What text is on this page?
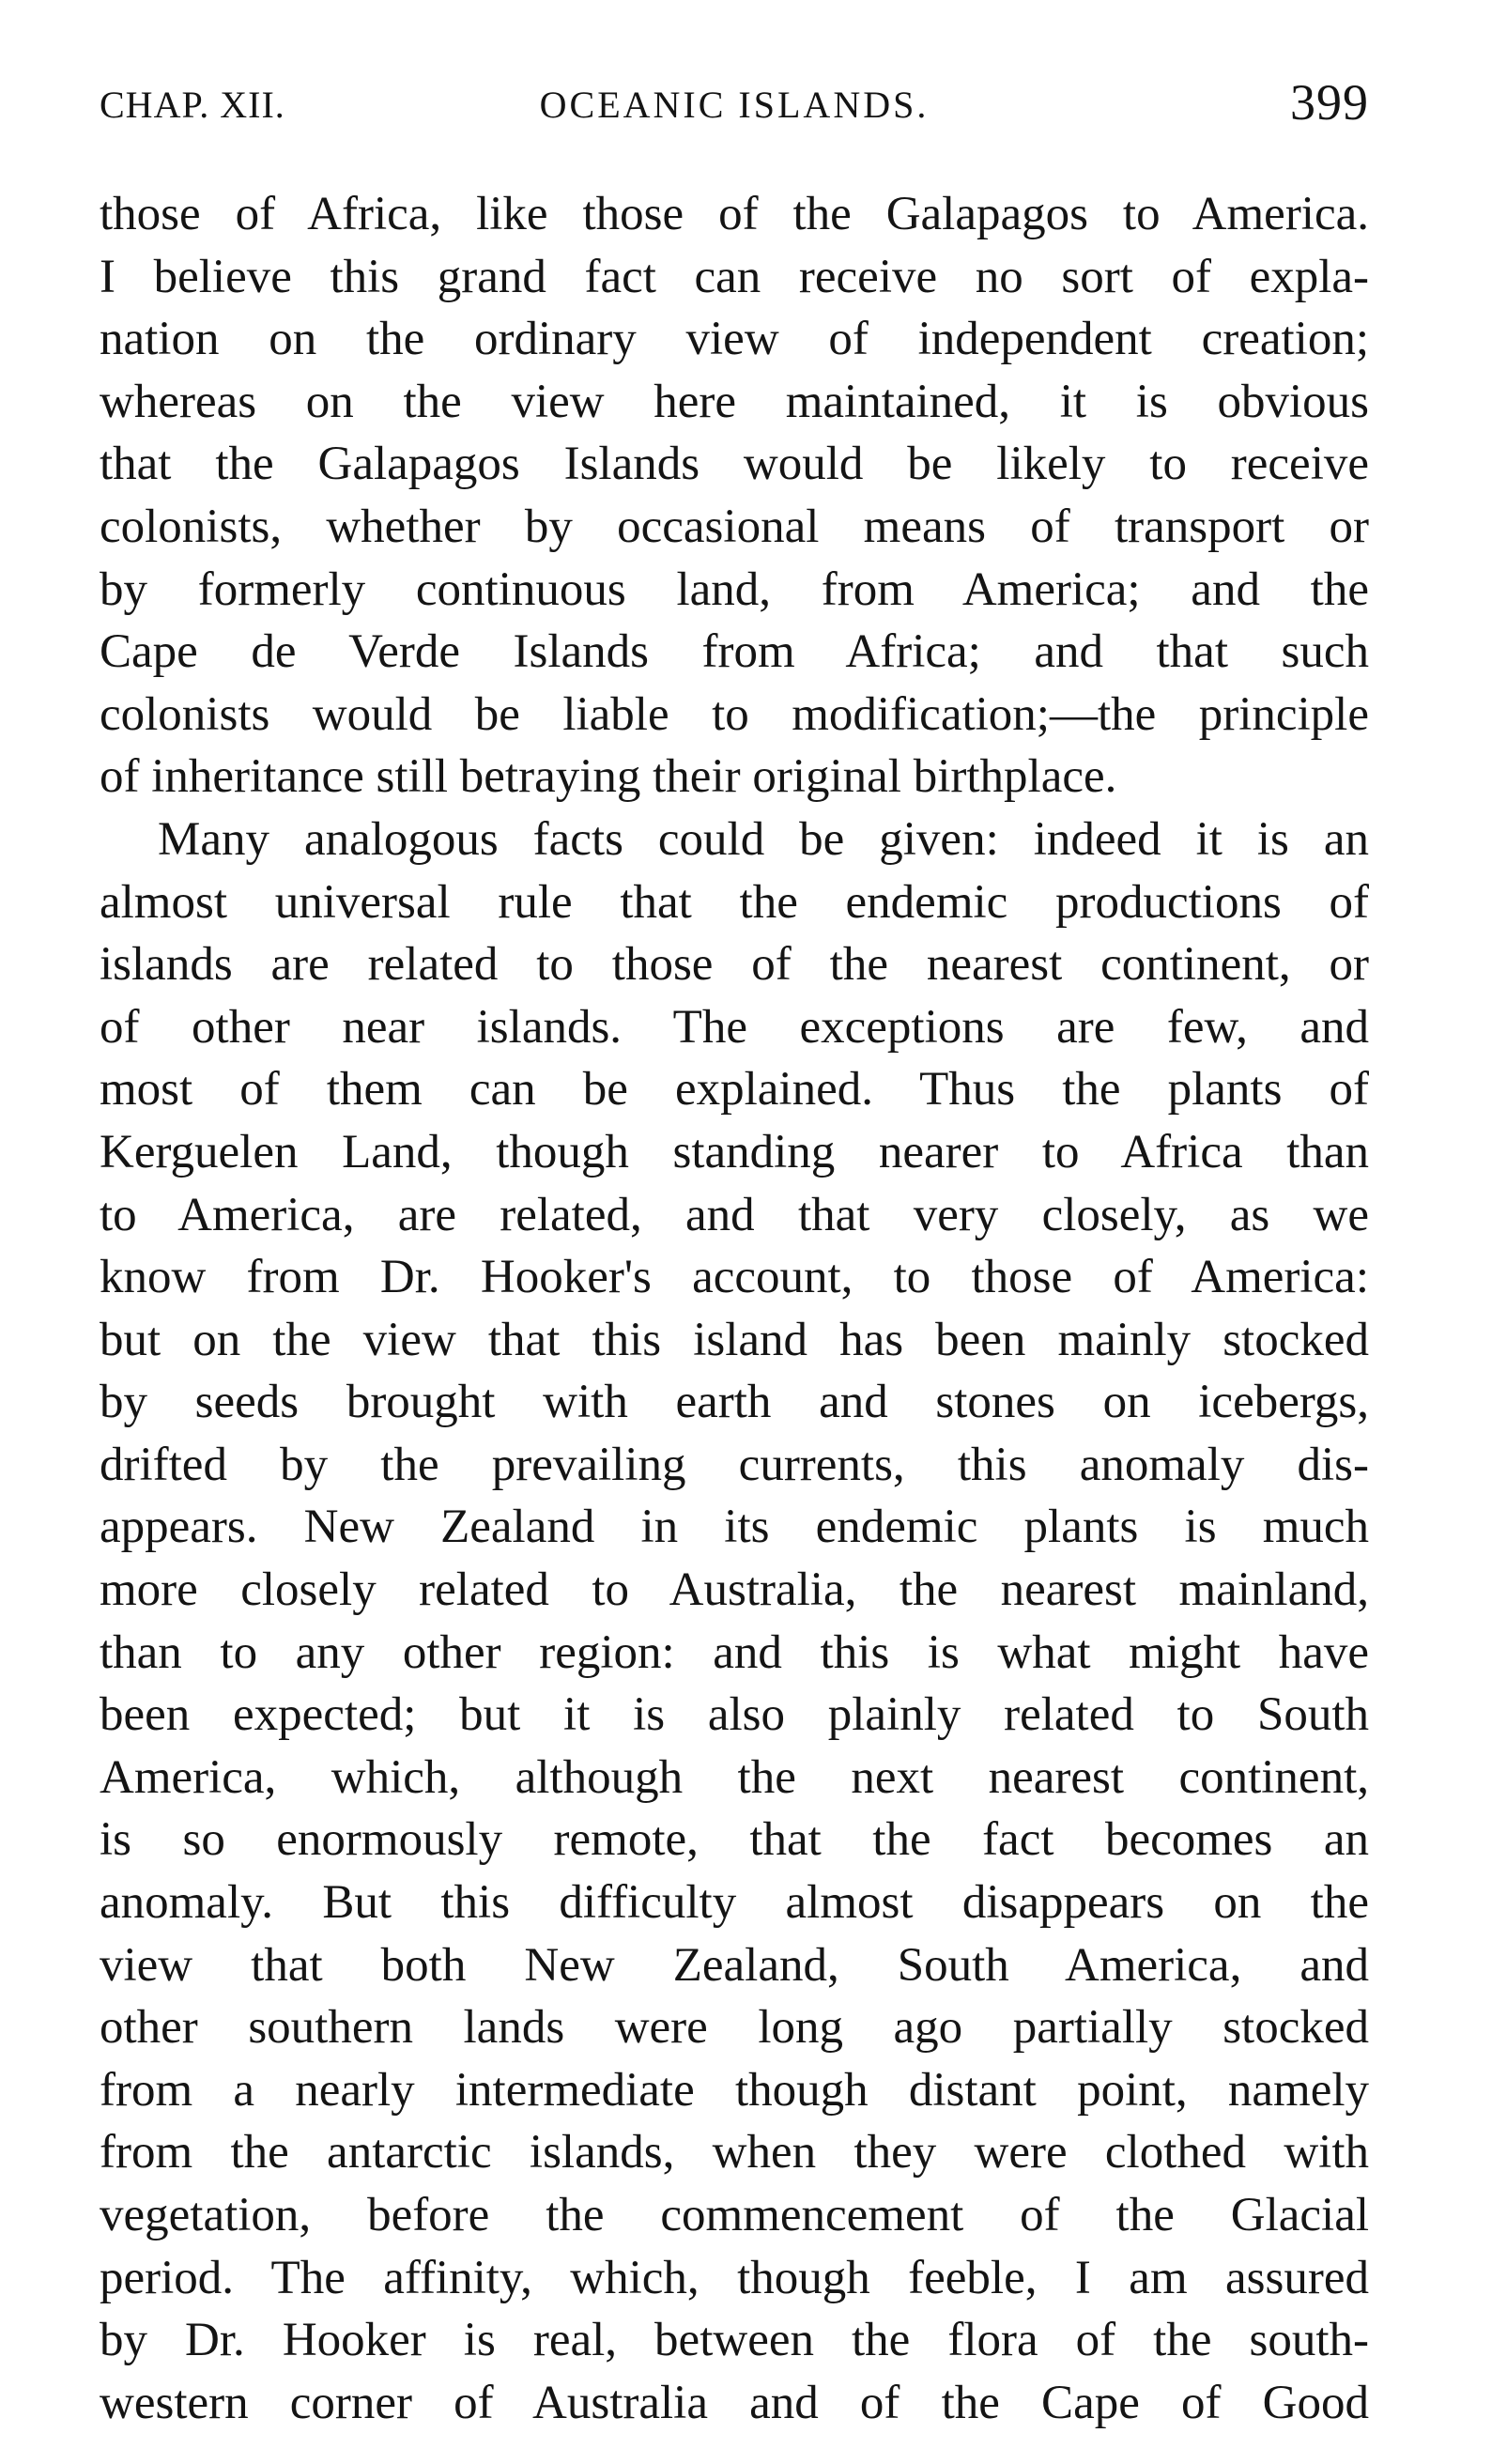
CHAP. XII.	OCEANIC ISLANDS.	399
those of Africa, like those of the Galapagos to America.
I believe this grand fact can receive no sort of expla-
nation on the ordinary view of independent creation;
whereas on the view here maintained, it is obvious
that the Galapagos Islands would be likely to receive
colonists, whether by occasional means of transport or
by formerly continuous land, from America; and the
Cape de Verde Islands from Africa; and that such
colonists would be liable to modification;—the principle
of inheritance still betraying their original birthplace.
Many analogous facts could be given: indeed it is an
almost universal rule that the endemic productions of
islands are related to those of the nearest continent, or
of other near islands. The exceptions are few, and
most of them can be explained. Thus the plants of
Kerguelen Land, though standing nearer to Africa than
to America, are related, and that very closely, as we
know from Dr. Hooker's account, to those of America:
but on the view that this island has been mainly stocked
by seeds brought with earth and stones on icebergs,
drifted by the prevailing currents, this anomaly dis-
appears. New Zealand in its endemic plants is much
more closely related to Australia, the nearest mainland,
than to any other region: and this is what might have
been expected; but it is also plainly related to South
America, which, although the next nearest continent,
is so enormously remote, that the fact becomes an
anomaly. But this difficulty almost disappears on the
view that both New Zealand, South America, and
other southern lands were long ago partially stocked
from a nearly intermediate though distant point, namely
from the antarctic islands, when they were clothed with
vegetation, before the commencement of the Glacial
period. The affinity, which, though feeble, I am assured
by Dr. Hooker is real, between the flora of the south-
western corner of Australia and of the Cape of Good
